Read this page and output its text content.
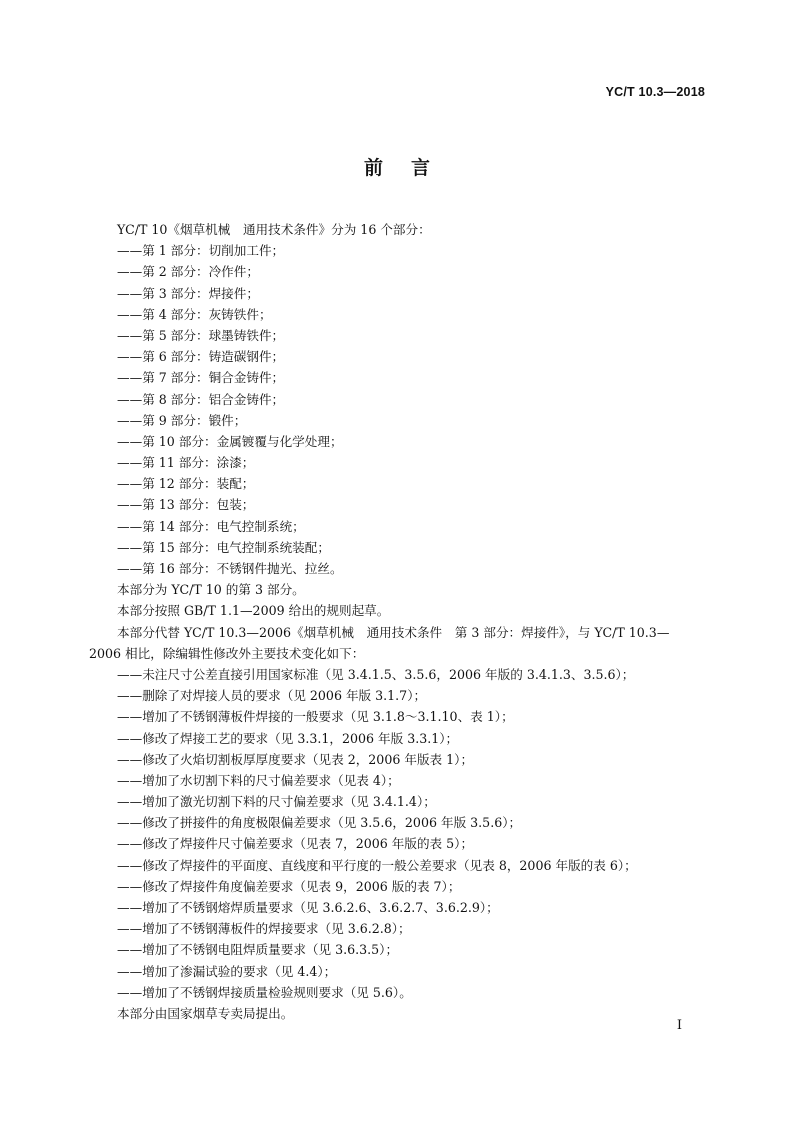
YC/T 10.3—2018
前言
YC/T 10《烟草机械　通用技术条件》分为 16 个部分：
——第 1 部分：切削加工件；
——第 2 部分：冷作件；
——第 3 部分：焊接件；
——第 4 部分：灰铸铁件；
——第 5 部分：球墨铸铁件；
——第 6 部分：铸造碳钢件；
——第 7 部分：铜合金铸件；
——第 8 部分：铝合金铸件；
——第 9 部分：锻件；
——第 10 部分：金属镀覆与化学处理；
——第 11 部分：涂漆；
——第 12 部分：装配；
——第 13 部分：包装；
——第 14 部分：电气控制系统；
——第 15 部分：电气控制系统装配；
——第 16 部分：不锈钢件抛光、拉丝。
本部分为 YC/T 10 的第 3 部分。
本部分按照 GB/T 1.1—2009 给出的规则起草。
本部分代替 YC/T 10.3—2006《烟草机械　通用技术条件　第 3 部分：焊接件》，与 YC/T 10.3—
2006 相比，除编辑性修改外主要技术变化如下：
——未注尺寸公差直接引用国家标准（见 3.4.1.5、3.5.6，2006 年版的 3.4.1.3、3.5.6）；
——删除了对焊接人员的要求（见 2006 年版 3.1.7）；
——增加了不锈钢薄板件焊接的一般要求（见 3.1.8～3.1.10、表 1）；
——修改了焊接工艺的要求（见 3.3.1，2006 年版 3.3.1）；
——修改了火焰切割板厚厚度要求（见表 2，2006 年版表 1）；
——增加了水切割下料的尺寸偏差要求（见表 4）；
——增加了激光切割下料的尺寸偏差要求（见 3.4.1.4）；
——修改了拼接件的角度极限偏差要求（见 3.5.6，2006 年版 3.5.6）；
——修改了焊接件尺寸偏差要求（见表 7，2006 年版的表 5）；
——修改了焊接件的平面度、直线度和平行度的一般公差要求（见表 8，2006 年版的表 6）；
——修改了焊接件角度偏差要求（见表 9，2006 版的表 7）；
——增加了不锈钢熔焊质量要求（见 3.6.2.6、3.6.2.7、3.6.2.9）；
——增加了不锈钢薄板件的焊接要求（见 3.6.2.8）；
——增加了不锈钢电阻焊质量要求（见 3.6.3.5）；
——增加了渗漏试验的要求（见 4.4）；
——增加了不锈钢焊接质量检验规则要求（见 5.6）。
本部分由国家烟草专卖局提出。
I
